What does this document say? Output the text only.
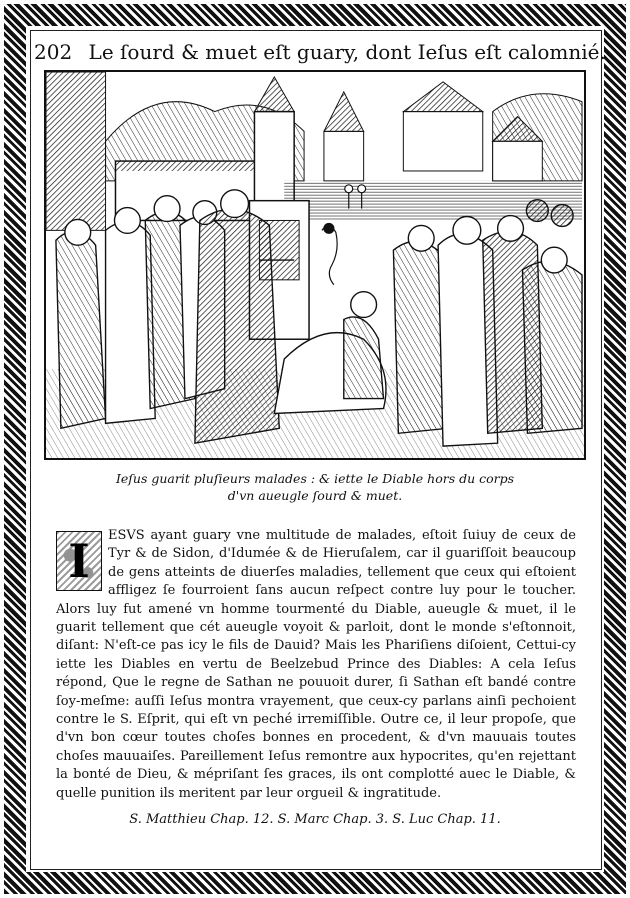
202 Le ſourd & muet eſt guary, dont Ieſus eſt calomnié.
Ieſus guarit pluſieurs malades : & iette le Diable hors du corps
d'vn aueugle ſourd & muet.
I	ESVS ayant guary vne multitude de malades, eſtoit ſuiuy de ceux de Tyr & de Sidon, d'Idumée & de Hieruſalem, car il guariſſoit beaucoup de gens atteints de diuerſes maladies, tellement que ceux qui eſtoient affligez ſe fourroient ſans aucun reſpect contre luy pour le toucher. Alors luy fut amené vn homme tourmenté du Diable, aueugle & muet, il le guarit tellement que cét aueugle voyoit & parloit, dont le monde s'eſtonnoit, diſant: N'eſt-ce pas icy le fils de Dauid? Mais les Phariſiens diſoient, Cettui-cy iette les Diables en vertu de Beelzebud Prince des Diables: A cela Ieſus répond, Que le regne de Sathan ne pouuoit durer, ſi Sathan eſt bandé contre ſoy-meſme: auſſi Ieſus montra vrayement, que ceux-cy parlans ainſi pechoient contre le S. Eſprit, qui eſt vn peché irremiſſible. Outre ce, il leur propoſe, que d'vn bon cœur toutes choſes bonnes en procedent, & d'vn mauuais toutes choſes mauuaiſes. Pareillement Ieſus remontre aux hypocrites, qu'en rejettant la bonté de Dieu, & mépriſant ſes graces, ils ont complotté auec le Diable, & quelle punition ils meritent par leur orgueil & ingratitude.
S. Matthieu Chap. 12. S. Marc Chap. 3. S. Luc Chap. 11.
